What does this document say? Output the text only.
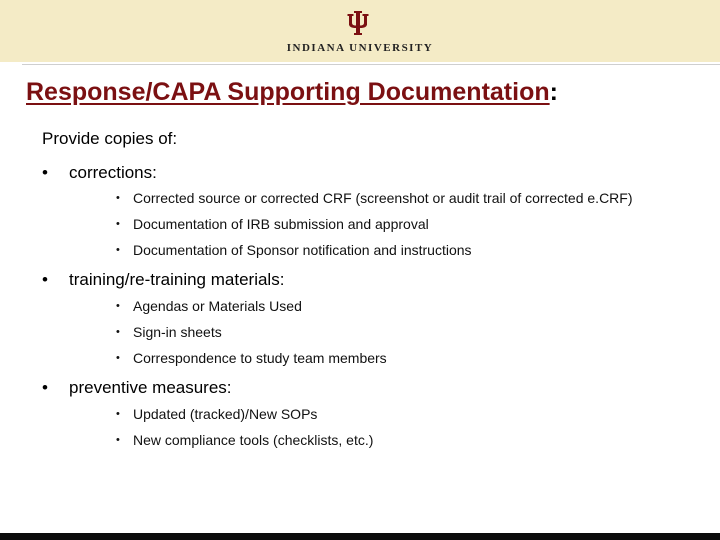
INDIANA UNIVERSITY
Response/CAPA Supporting Documentation:
Provide copies of:
• corrections:
• Corrected source or corrected CRF (screenshot or audit trail of corrected e.CRF)
• Documentation of IRB submission and approval
• Documentation of Sponsor notification and instructions
• training/re-training materials:
• Agendas or Materials Used
• Sign-in sheets
• Correspondence to study team members
• preventive measures:
• Updated (tracked)/New SOPs
• New compliance tools (checklists, etc.)
